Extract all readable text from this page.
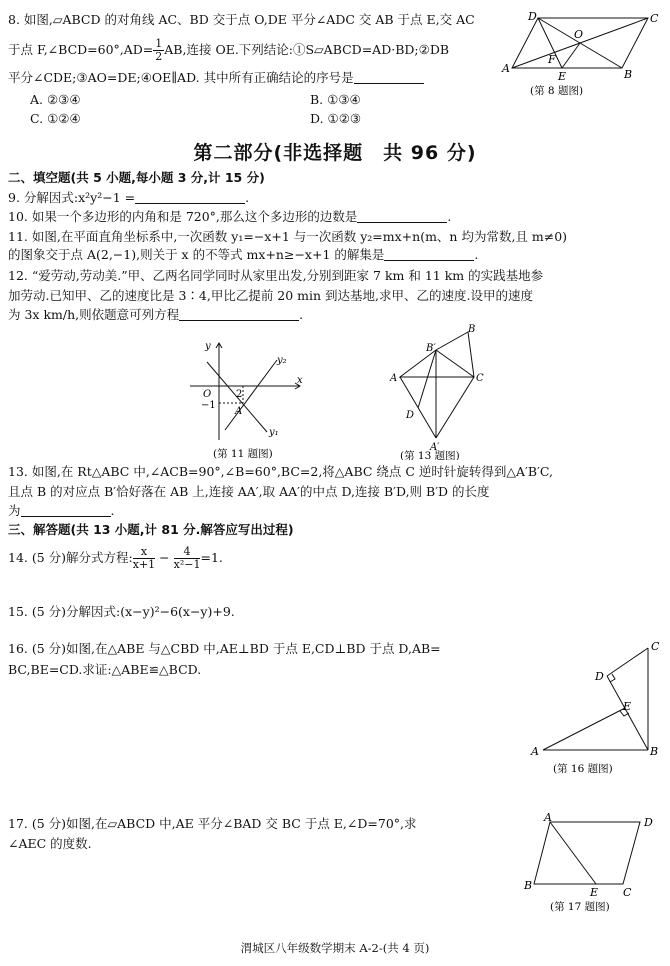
8. 如图,▱ABCD 的对角线 AC、BD 交于点 O,DE 平分∠ADC 交 AB 于点 E,交 AC
于点 F,∠BCD=60°,AD= $\frac{1}{2}$ AB,连接 OE.下列结论:①S▱ABCD=AD·BD;②DB
平分∠CDE;③AO=DE;④OE∥AD. 其中所有正确结论的序号是
A. ②③④	B. ①③④
C. ①②④	D. ①②③
A	B
C
D
E
F
O
(第 8 题图)
第二部分(非选择题　共 96 分)
二、填空题(共 5 小题,每小题 3 分,计 15 分)
9. 分解因式:x²y²−1 =	.
10. 如果一个多边形的内角和是 720°,那么这个多边形的边数是	.
11. 如图,在平面直角坐标系中,一次函数 y₁=−x+1 与一次函数 y₂=mx+n(m、n 均为常数,且 m≠0)
的图象交于点 A(2,−1),则关于 x 的不等式 mx+n≥−x+1 的解集是	.
12. “爱劳动,劳动美.”甲、乙两名同学同时从家里出发,分别到距家 7 km 和 11 km 的实践基地参
加劳动.已知甲、乙的速度比是 3∶4,甲比乙提前 20 min 到达基地,求甲、乙的速度.设甲的速度
为 3x km/h,则依题意可列方程	.
y
x
O
−1
2
A
y₁
y₂
(第 11 题图)
B
B′
A	C
D
A′
(第 13 题图)
13. 如图,在 Rt△ABC 中,∠ACB=90°,∠B=60°,BC=2,将△ABC 绕点 C 逆时针旋转得到△A′B′C,
且点 B 的对应点 B′恰好落在 AB 上,连接 AA′,取 AA′的中点 D,连接 B′D,则 B′D 的长度
为	.
三、解答题(共 13 小题,计 81 分.解答应写出过程)
14. (5 分)解分式方程: $\frac{x}{x+1} - \frac{4}{\text{x²−1}} =1$.
15. (5 分)分解因式:(x−y)²−6(x−y)+9.
16. (5 分)如图,在△ABE 与△CBD 中,AE⊥BD 于点 E,CD⊥BD 于点 D,AB=
BC,BE=CD.求证:△ABE≌△BCD.
C
D
E
A	B
(第 16 题图)
17. (5 分)如图,在▱ABCD 中,AE 平分∠BAD 交 BC 于点 E,∠D=70°,求
∠AEC 的度数.
A	D
B
E C
(第 17 题图)
渭城区八年级数学期末 A-2-(共 4 页)
